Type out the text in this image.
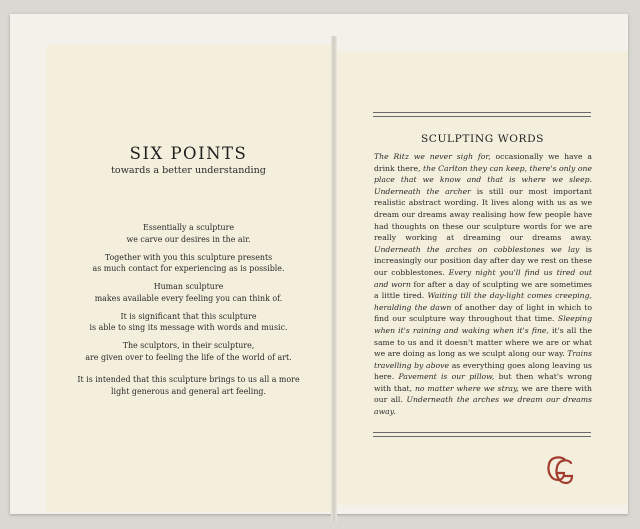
SIX POINTS
towards a better understanding

Essentially a sculpture
we carve our desires in the air.

Together with you this sculpture presents
as much contact for experiencing as is possible.

Human sculpture
makes available every feeling you can think of.

It is significant that this sculpture
is able to sing its message with words and music.

The sculptors, in their sculpture,
are given over to feeling the life of the world of art.

It is intended that this sculpture brings to us all a more
light generous and general art feeling.

SCULPTING WORDS

The Ritz we never sigh for, occasionally we have a drink there, the Carlton they can keep, there's only one place that we know and that is where we sleep. Underneath the archer is still our most important realistic abstract wording. It lives along with us as we dream our dreams away realising how few people have had thoughts on these our sculpture words for we are really working at dreaming our dreams away. Underneath the arches on cobblestones we lay is increasingly our position day after day we rest on these our cobblestones. Every night you'll find us tired out and worn for after a day of sculpting we are sometimes a little tired. Waiting till the day-light comes creeping, heralding the dawn of another day of light in which to find our sculpture way throughout that time. Sleeping when it's raining and waking when it's fine, it's all the same to us and it doesn't matter where we are or what we are doing as long as we sculpt along our way. Trains travelling by above as everything goes along leaving us here. Pavement is our pillow, but then what's wrong with that, no matter where we stray, we are there with our all. Underneath the arches we dream our dreams away.
